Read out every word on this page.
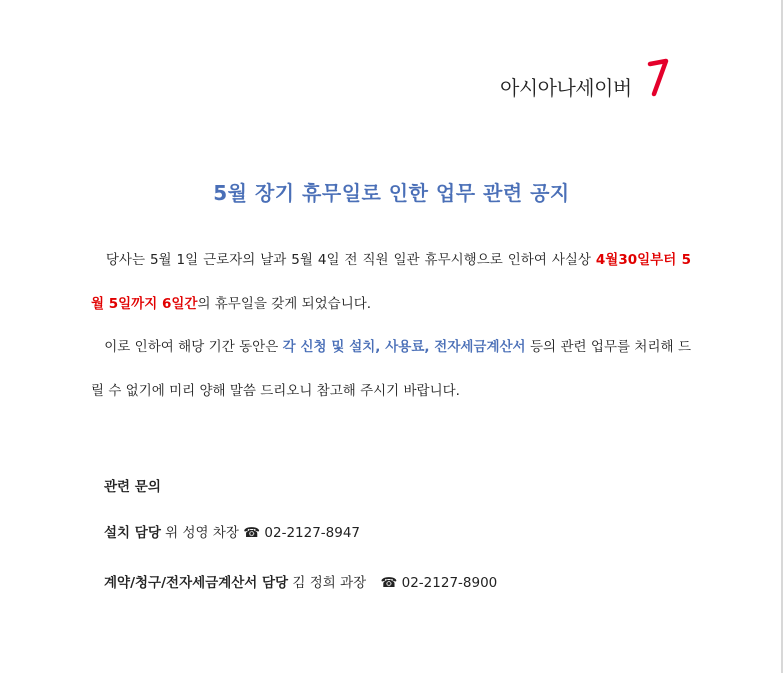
아시아나세이버
5월 장기 휴무일로 인한 업무 관련 공지
당사는 5월 1일 근로자의 날과 5월 4일 전 직원 일관 휴무시행으로 인하여 사실상 4월30일부터 5월 5일까지 6일간의 휴무일을 갖게 되었습니다.
이로 인하여 해당 기간 동안은 각 신청 및 설치, 사용료, 전자세금계산서 등의 관련 업무를 처리해 드릴 수 없기에 미리 양해 말씀 드리오니 참고해 주시기 바랍니다.
관련 문의
설치 담당 위 성영 차장 ☎ 02-2127-8947
계약/청구/전자세금계산서 담당 김 정희 과장 ☎ 02-2127-8900
